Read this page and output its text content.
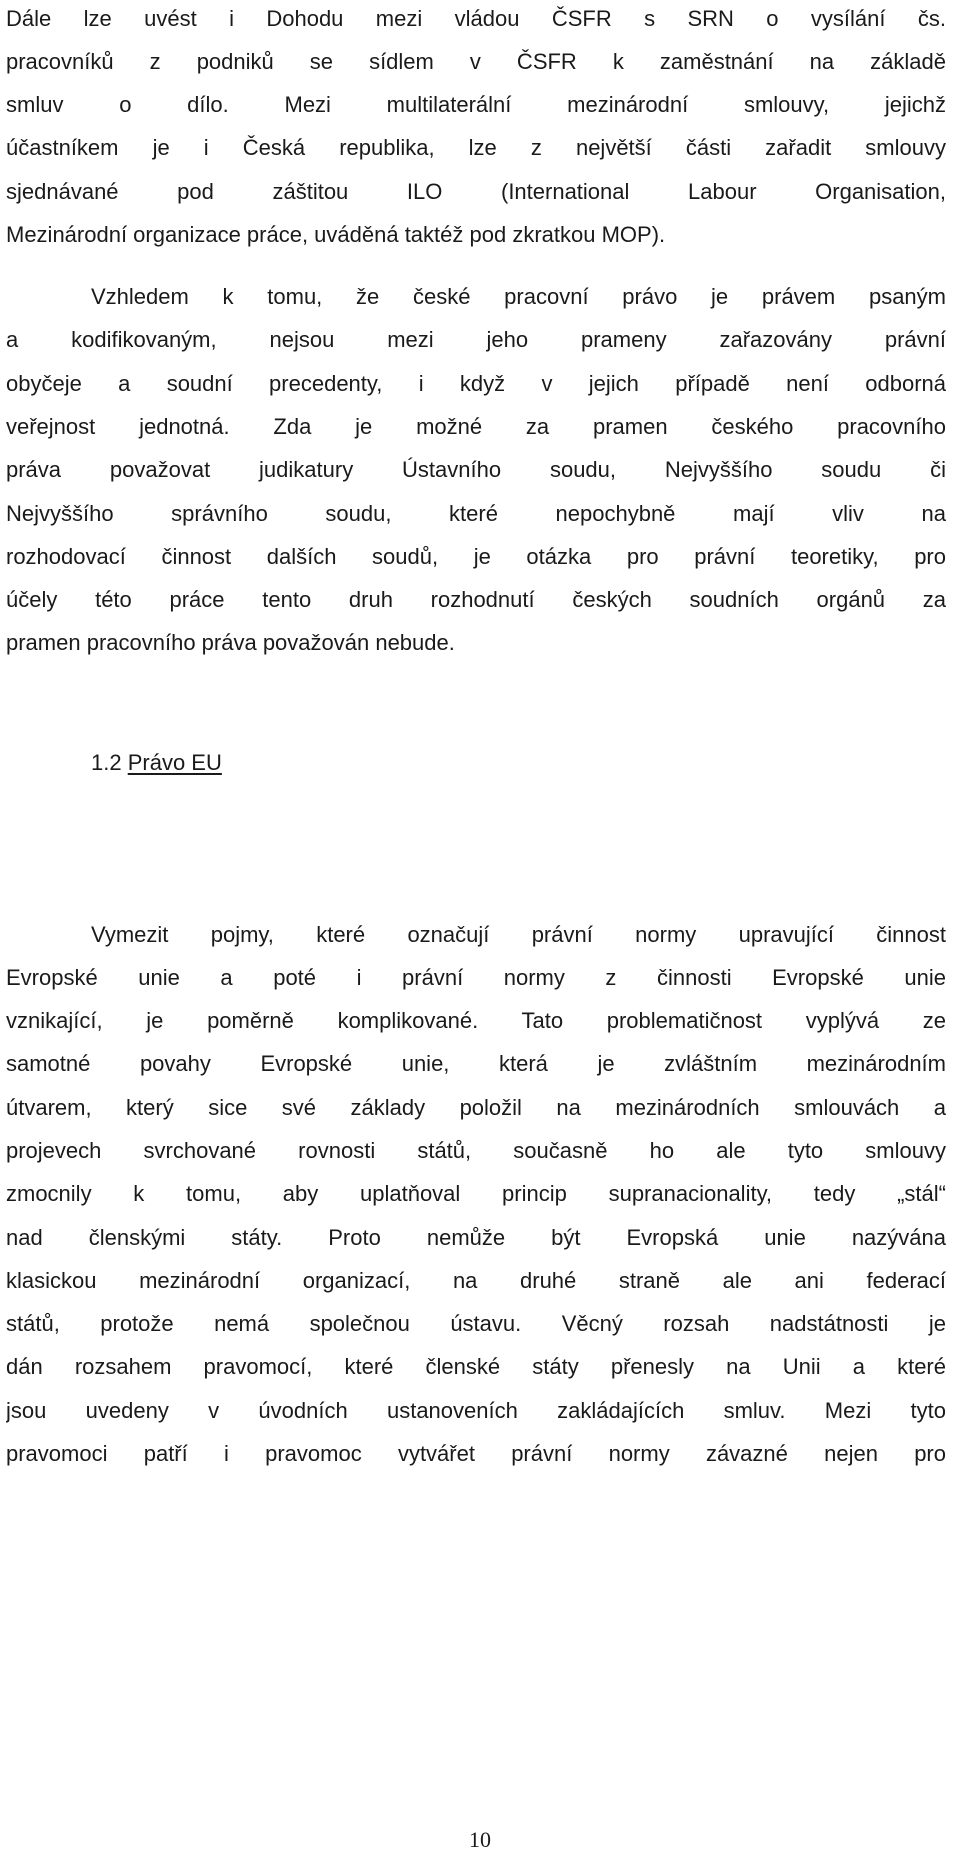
Dále lze uvést i Dohodu mezi vládou ČSFR s SRN o vysílání čs.
pracovníků z podniků se sídlem v ČSFR k zaměstnání na základě
smluv o dílo. Mezi multilaterální mezinárodní smlouvy, jejichž
účastníkem je i Česká republika, lze z největší části zařadit smlouvy
sjednávané pod záštitou ILO (International Labour Organisation,
Mezinárodní organizace práce, uváděná taktéž pod zkratkou MOP).
Vzhledem k tomu, že české pracovní právo je právem psaným
a kodifikovaným, nejsou mezi jeho prameny zařazovány právní
obyčeje a soudní precedenty, i když v jejich případě není odborná
veřejnost jednotná. Zda je možné za pramen českého pracovního
práva považovat judikatury Ústavního soudu, Nejvyššího soudu či
Nejvyššího správního soudu, které nepochybně mají vliv na
rozhodovací činnost dalších soudů, je otázka pro právní teoretiky, pro
účely této práce tento druh rozhodnutí českých soudních orgánů za
pramen pracovního práva považován nebude.
1.2 Právo EU
Vymezit pojmy, které označují právní normy upravující činnost
Evropské unie a poté i právní normy z činnosti Evropské unie
vznikající, je poměrně komplikované. Tato problematičnost vyplývá ze
samotné povahy Evropské unie, která je zvláštním mezinárodním
útvarem, který sice své základy položil na mezinárodních smlouvách a
projevech svrchované rovnosti států, současně ho ale tyto smlouvy
zmocnily k tomu, aby uplatňoval princip supranacionality, tedy „stál“
nad členskými státy. Proto nemůže být Evropská unie nazývána
klasickou mezinárodní organizací, na druhé straně ale ani federací
států, protože nemá společnou ústavu. Věcný rozsah nadstátnosti je
dán rozsahem pravomocí, které členské státy přenesly na Unii a které
jsou uvedeny v úvodních ustanoveních zakládajících smluv. Mezi tyto
pravomoci patří i pravomoc vytvářet právní normy závazné nejen pro
10
